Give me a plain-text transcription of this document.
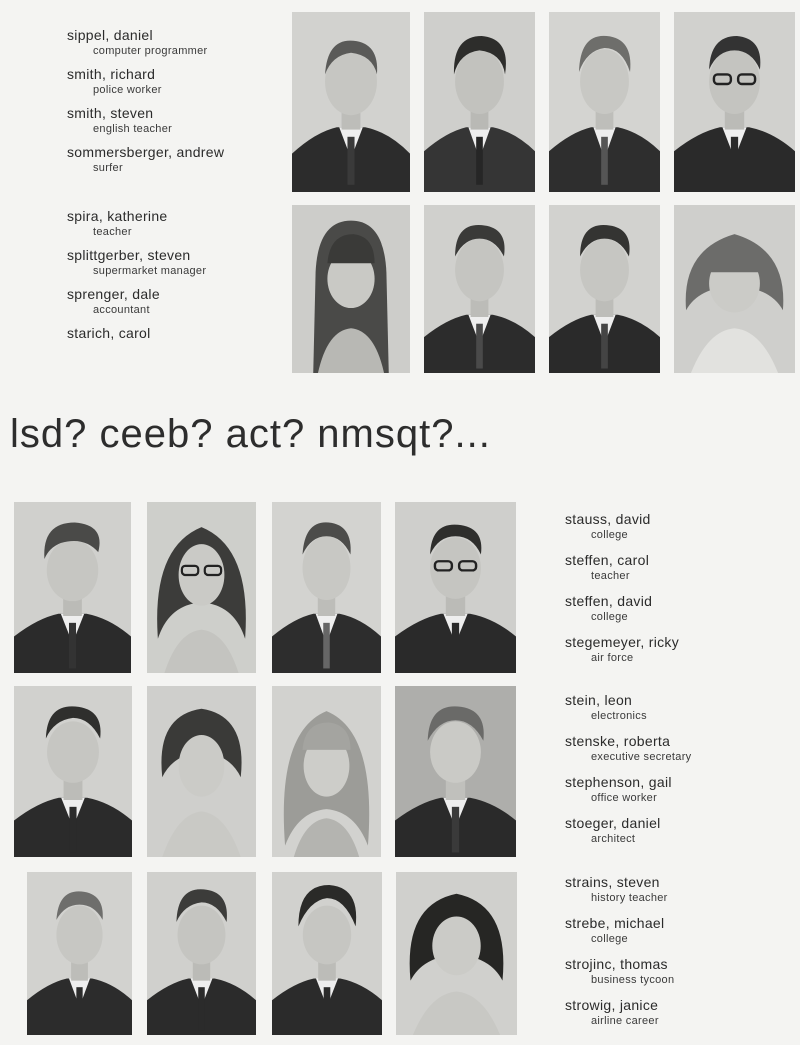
sippel, daniel
computer programmer
smith, richard
police worker
smith, steven
english teacher
sommersberger, andrew
surfer
spira, katherine
teacher
splittgerber, steven
supermarket manager
sprenger, dale
accountant
starich, carol
lsd? ceeb? act? nmsqt?...
stauss, david
college
steffen, carol
teacher
steffen, david
college
stegemeyer, ricky
air force
stein, leon
electronics
stenske, roberta
executive secretary
stephenson, gail
office worker
stoeger, daniel
architect
strains, steven
history teacher
strebe, michael
college
strojinc, thomas
business tycoon
strowig, janice
airline career
